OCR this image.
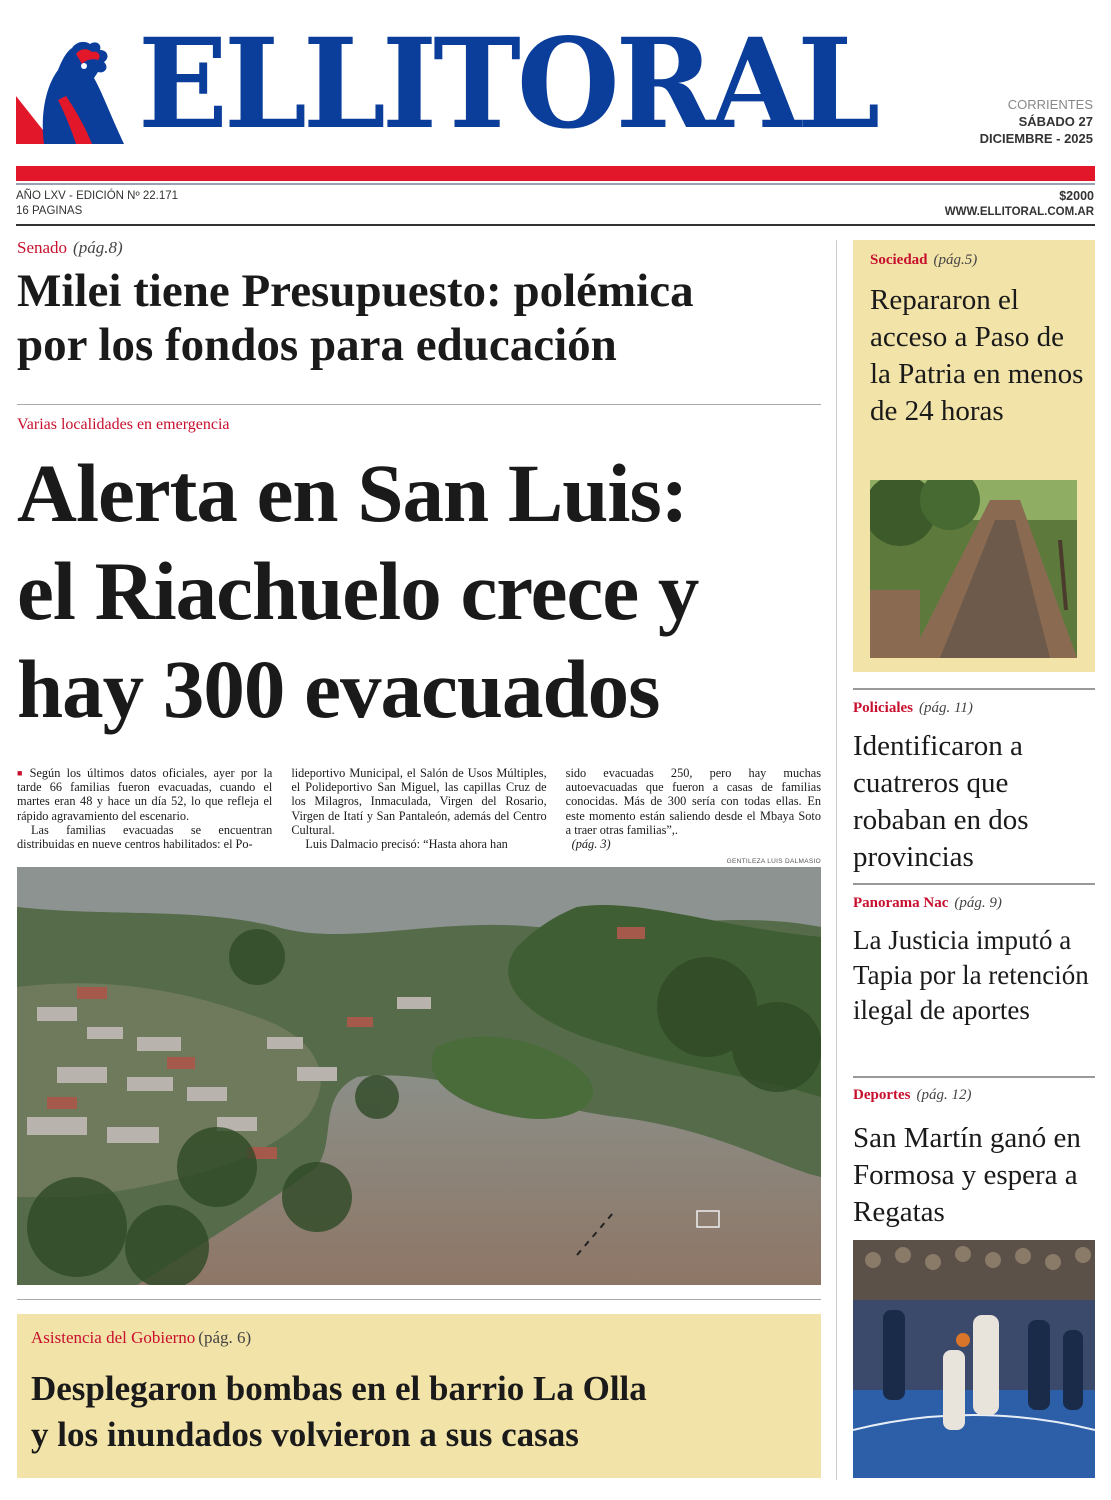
ELLITORAL	CORRIENTES
SÁBADO 27
DICIEMBRE - 2025
AÑO LXV - EDICIÓN Nº 22.171
16 PAGINAS
$2000
WWW.ELLITORAL.COM.AR
Senado (pág.8)
Milei tiene Presupuesto: polémica
por los fondos para educación
Varias localidades en emergencia
Alerta en San Luis:
el Riachuelo crece y
hay 300 evacuados

■ Según los últimos datos oficiales, ayer por la tarde 66 familias fueron evacuadas, cuando el martes eran 48 y hace un día 52, lo que refleja el rápido agravamiento del escenario.

Las familias evacuadas se encuentran distribuidas en nueve centros habilitados: el Po-

lideportivo Municipal, el Salón de Usos Múltiples, el Polideportivo San Miguel, las capillas Cruz de los Milagros, Inmaculada, Virgen del Rosario, Virgen de Itatí y San Pantaleón, además del Centro Cultural.

Luis Dalmacio precisó: “Hasta ahora han

sido evacuadas 250, pero hay muchas autoevacuadas que fueron a casas de familias conocidas. Más de 300 sería con todas ellas. En este momento están saliendo desde el Mbaya Soto a traer otras familias”,.

(pág. 3)

GENTILEZA LUIS DALMASIO
Asistencia del Gobierno (pág. 6)
Desplegaron bombas en el barrio La Olla
y los inundados volvieron a sus casas
Sociedad (pág.5)
Repararon el acceso a Paso de la Patria en menos de 24 horas
Policiales (pág. 11)
Identificaron a cuatreros que robaban en dos provincias
Panorama Nac (pág. 9)
La Justicia imputó a Tapia por la retención ilegal de aportes
Deportes (pág. 12)
San Martín ganó en Formosa y espera a Regatas
